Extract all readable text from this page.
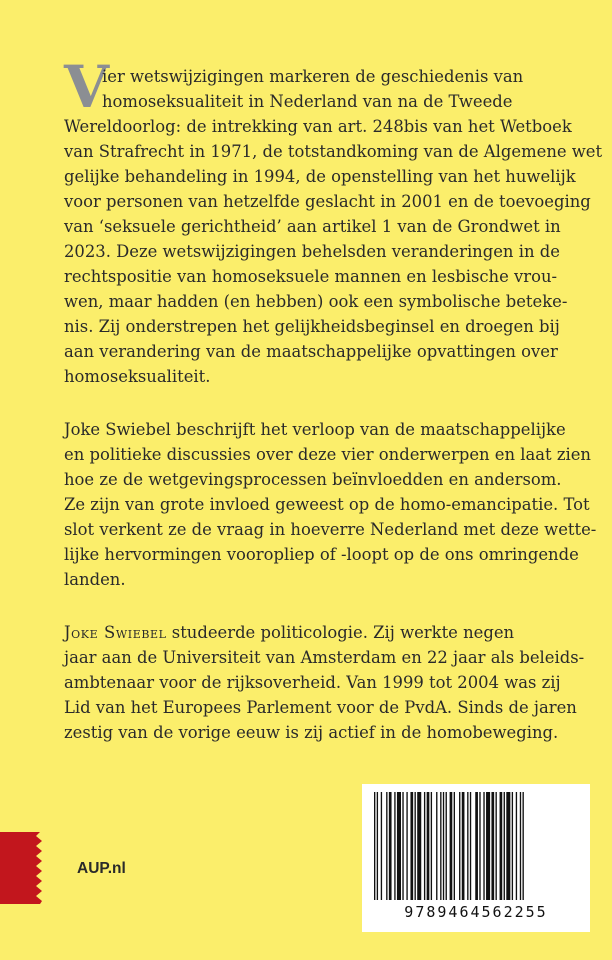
V
ier wetswijzigingen markeren de geschiedenis van
homoseksualiteit in Nederland van na de Tweede
Wereldoorlog: de intrekking van art. 248bis van het Wetboek
van Strafrecht in 1971, de totstandkoming van de Algemene wet
gelijke behandeling in 1994, de openstelling van het huwelijk
voor personen van hetzelfde geslacht in 2001 en de toevoeging
van ‘seksuele gerichtheid’ aan artikel 1 van de Grondwet in
2023. Deze wetswijzigingen behelsden veranderingen in de
rechtspositie van homoseksuele mannen en lesbische vrou-
wen, maar hadden (en hebben) ook een symbolische beteke-
nis. Zij onderstrepen het gelijkheidsbeginsel en droegen bij
aan verandering van de maatschappelijke opvattingen over
homoseksualiteit.
Joke Swiebel beschrijft het verloop van de maatschappelijke
en politieke discussies over deze vier onderwerpen en laat zien
hoe ze de wetgevingsprocessen beïnvloedden en andersom.
Ze zijn van grote invloed geweest op de homo-emancipatie. Tot
slot verkent ze de vraag in hoeverre Nederland met deze wette-
lijke hervormingen vooropliep of -loopt op de ons omringende
landen.
Joke Swiebel studeerde politicologie. Zij werkte negen
jaar aan de Universiteit van Amsterdam en 22 jaar als beleids-
ambtenaar voor de rijksoverheid. Van 1999 tot 2004 was zij
Lid van het Europees Parlement voor de PvdA. Sinds de jaren
zestig van de vorige eeuw is zij actief in de homobeweging.
AUP.nl
9789464562255
